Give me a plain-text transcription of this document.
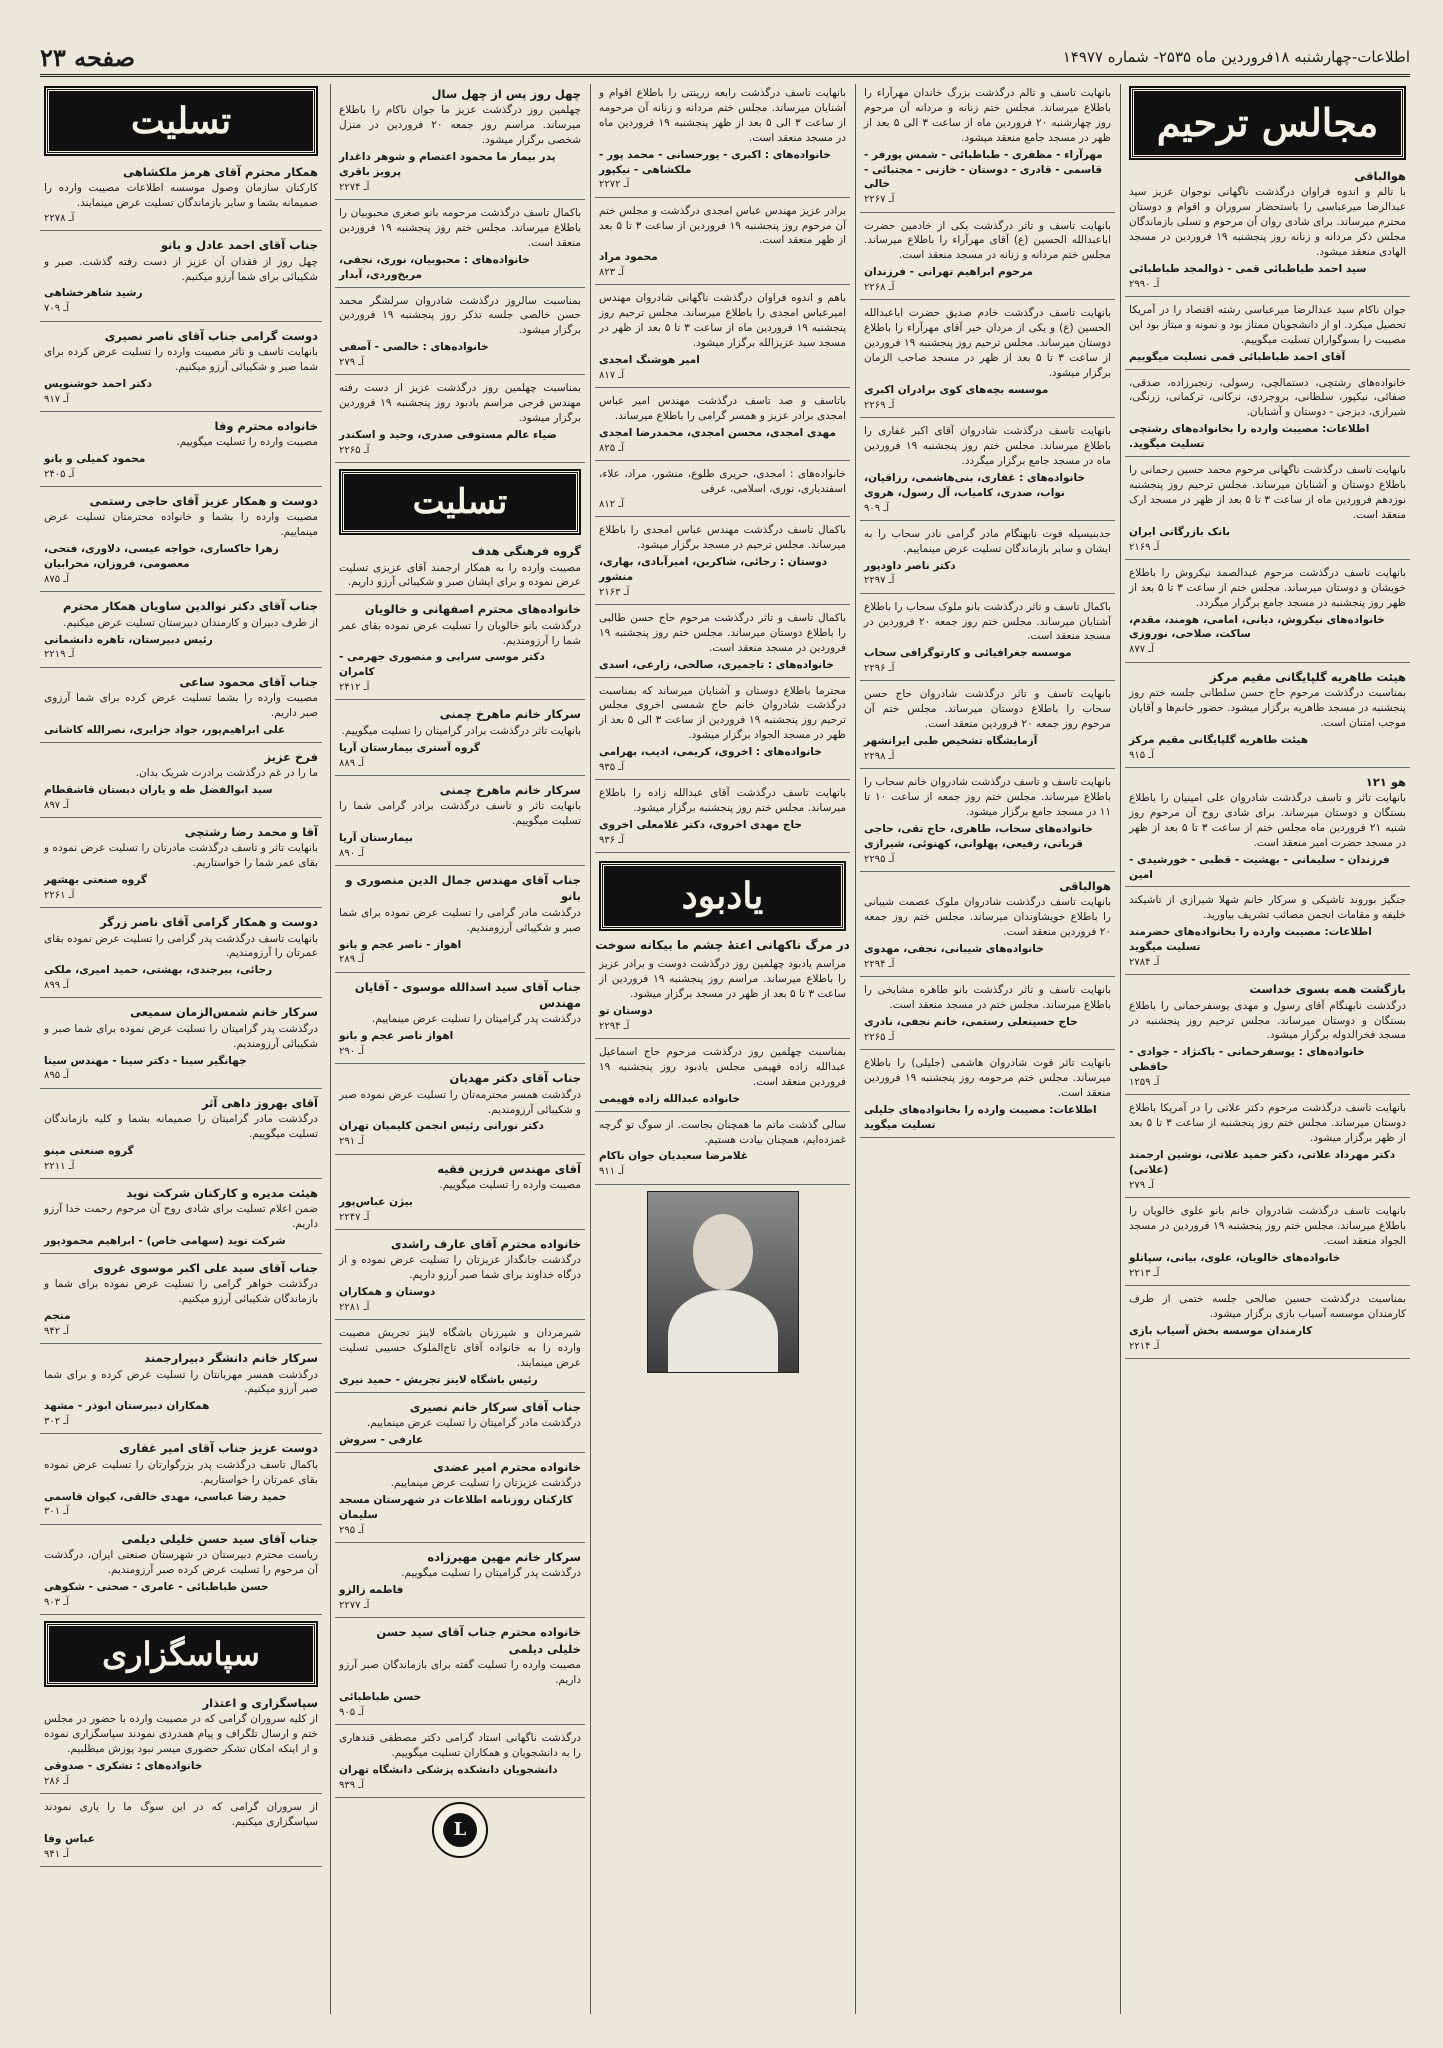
اطلاعات-چهارشنبه ۱۸فروردین ماه ۲۵۳۵- شماره ۱۴۹۷۷
صفحه ۲۳
مجالس ترحیم
هوالباقی
با تالم و اندوه فراوان درگذشت ناگهانی نوجوان عزیز سید عبدالرضا میرعباسی را باستحضار سروران و اقوام و دوستان محترم میرساند. برای شادی روان آن مرحوم و تسلی بازماندگان مجلس ذکر مردانه و زنانه روز پنجشنبه ۱۹ فروردین در مسجد الهادی منعقد میشود.
سید احمد طباطبائی قمی - ذوالمجد طباطبائی
آـ ۲۹۹۰
جوان ناکام سید عبدالرضا میرعباسی رشته اقتصاد را در آمریکا تحصیل میکرد. او از دانشجویان ممتاز بود و نمونه و مبتاز بود این مصیبت را بسوگواران تسلیت میگوییم.
آقای احمد طباطبائی قمی تسلیت میگوییم
خانواده‌های رشتچی، دستمالچی، رسولی، رنجبرزاده، صدقی، صفائی، نیکپور، سلطانی، بروجردی، نرکانی، ترکمانی، زرنگی، شیرازی، دیزجی - دوستان و آشنایان.
اطلاعات: مصیبت وارده را بخانواده‌های رشتچی تسلیت میگوید.
بانهایت تاسف درگذشت ناگهانی مرحوم محمد حسین رحمانی را باطلاع دوستان و آشنایان میرساند. مجلس ترحیم روز پنجشنبه نوزدهم فروردین ماه از ساعت ۳ تا ۵ بعد از ظهر در مسجد ارک منعقد است.
بانک بازرگانی ایران
آـ ۲۱۶۹
بانهایت تاسف درگذشت مرحوم عبدالصمد نیکروش را باطلاع خویشان و دوستان میرساند. مجلس ختم از ساعت ۳ تا ۵ بعد از ظهر روز پنجشنبه در مسجد جامع برگزار میگردد.
خانواده‌های نیکروش، دیانی، امامی، هومند، مقدم، ساکت، صلاحی، نوروزی
آـ ۸۷۷
هیئت طاهریه گلپایگانی مقیم مرکز
بمناسبت درگذشت مرحوم حاج حسن سلطانی جلسه ختم روز پنجشنبه در مسجد طاهریه برگزار میشود. حضور خانم‌ها و آقایان موجب امتنان است.
هیئت طاهریه گلپایگانی مقیم مرکز
آـ ۹۱۵
هو ۱۲۱
بانهایت تاثر و تاسف درگذشت شادروان علی امینیان را باطلاع بستگان و دوستان میرساند. برای شادی روح آن مرحوم روز شنبه ۲۱ فروردین ماه مجلس ختم از ساعت ۳ تا ۵ بعد از ظهر در مسجد حضرت امیر منعقد است.
فرزندان - سلیمانی - بهشیت - قطبی - خورشیدی - امین
جنگیز بوروند تاشیکی و سرکار خانم شهلا شیرازی از تاشیکند خلیفه و مقامات انجمن مصائب تشریف بیاورید.
اطلاعات: مصیبت وارده را بخانواده‌های حضرمند تسلیت میگوید
آـ ۲۷۸۴
بازگشت همه بسوی خداست
درگذشت نابهنگام آقای رسول و مهدی یوسفرحمانی را باطلاع بستگان و دوستان میرساند. مجلس ترحیم روز پنجشنبه در مسجد فخرالدوله برگزار میشود.
خانواده‌های : یوسفرحمانی - باکنژاد - جوادی - حافظی
آـ ۱۲۵۹
بانهایت تاسف درگذشت مرحوم دکتر علاتی را در آمریکا باطلاع دوستان میرساند. مجلس ختم روز پنجشنبه از ساعت ۳ تا ۵ بعد از ظهر برگزار میشود.
دکتر مهرداد علاتی، دکتر حمید علاتی، نوشین ارجمند (علاتی)
آـ ۲۷۹
بانهایت تاسف درگذشت شادروان خانم بانو علوی خالویان را باطلاع میرساند. مجلس ختم روز پنجشنبه ۱۹ فروردین در مسجد الجواد منعقد است.
خانواده‌های خالویان، علوی، بیانی، سپانلو
آـ ۲۲۱۳
بمناسبت درگذشت حسین صالحی جلسه ختمی از طرف کارمندان موسسه آسیاب بازی برگزار میشود.
کارمندان موسسه بخش آسیاب بازی
آـ ۲۲۱۴
بانهایت تاسف و تالم درگذشت بزرگ خاندان مهرآراء را باطلاع میرساند. مجلس ختم زنانه و مردانه آن مرحوم روز چهارشنبه ۲۰ فروردین ماه از ساعت ۳ الی ۵ بعد از ظهر در مسجد جامع منعقد میشود.
مهرآراء - مظفری - طباطبائی - شمس پورفر - قاسمی - قادری - دوستان - خازنی - مجتبائی - خالی
آـ ۲۲۶۷
بانهایت تاسف و تاثر درگذشت یکی از خادمین حضرت اباعبدالله الحسین (ع) آقای مهرآراء را باطلاع میرساند. مجلس ختم مردانه و زنانه در مسجد منعقد است.
مرحوم ابراهیم تهرانی - فرزندان
آـ ۲۲۶۸
بانهایت تاسف درگذشت خادم صدیق حضرت اباعبدالله الحسین (ع) و یکی از مردان خیر آقای مهرآراء را باطلاع دوستان میرساند. مجلس ترحیم روز پنجشنبه ۱۹ فروردین از ساعت ۳ تا ۵ بعد از ظهر در مسجد صاحب الزمان برگزار میشود.
موسسه بچه‌های کوی برادران اکبری
آـ ۲۲۶۹
بانهایت تاسف درگذشت شادروان آقای اکبر غفاری را باطلاع میرساند. مجلس ختم روز پنجشنبه ۱۹ فروردین ماه در مسجد جامع برگزار میگردد.
خانواده‌های : غفاری، بنی‌هاشمی، رزاقیان، نواب، صدری، کامیاب، آل رسول، هروی
آـ ۹۰۹
جدبنیسیله فوت نابهنگام مادر گرامی نادر سحاب را به ایشان و سایر بازماندگان تسلیت عرض مینماییم.
دکتر ناصر داودپور
آـ ۲۲۹۷
باکمال تاسف و تاثر درگذشت بانو ملوک سحاب را باطلاع آشنایان میرساند. مجلس ختم روز جمعه ۲۰ فروردین در مسجد منعقد است.
موسسه جغرافیائی و کارتوگرافی سحاب
آـ ۲۲۹۶
بانهایت تاسف و تاثر درگذشت شادروان حاج حسن سحاب را باطلاع دوستان میرساند. مجلس ختم آن مرحوم روز جمعه ۲۰ فروردین منعقد است.
آزمایشگاه تشخیص طبی ایرانشهر
آـ ۲۲۹۸
بانهایت تاسف و تاسف درگذشت شادروان خانم سحاب را باطلاع میرساند. مجلس ختم روز جمعه از ساعت ۱۰ تا ۱۱ در مسجد جامع برگزار میشود.
خانواده‌های سحاب، طاهری، حاج تقی، حاجی قربانی، رفیعی، پهلوانی، کهنوئی، شیرازی
آـ ۲۲۹۵
هوالباقی
بانهایت تاسف درگذشت شادروان ملوک عصمت شیبانی را باطلاع خویشاوندان میرساند. مجلس ختم روز جمعه ۲۰ فروردین منعقد است.
خانواده‌های شیبانی، نجفی، مهدوی
آـ ۲۲۹۴
بانهایت تاسف و تاثر درگذشت بانو طاهره مشایخی را باطلاع میرساند. مجلس ختم در مسجد منعقد است.
حاج حسینعلی رستمی، خانم نجفی، نادری
آـ ۲۲۶۵
بانهایت تاثر فوت شادروان هاشمی (جلیلی) را باطلاع میرساند. مجلس ختم مرحومه روز پنجشنبه ۱۹ فروردین منعقد است.
اطلاعات: مصیبت وارده را بخانواده‌های جلیلی تسلیت میگوید
بانهایت تاسف درگذشت رابعه زرینتی را باطلاع اقوام و آشنایان میرساند. مجلس ختم مردانه و زنانه آن مرحومه از ساعت ۳ الی ۵ بعد از ظهر پنجشنبه ۱۹ فروردین ماه در مسجد منعقد است.
خانواده‌های : اکبری - یورحسانی - محمد پور - ملکشاهی - نیکپور
آـ ۲۲۷۲
برادر عزیز مهندس عباس امجدی درگذشت و مجلس ختم آن مرحوم روز پنجشنبه ۱۹ فروردین از ساعت ۳ تا ۵ بعد از ظهر منعقد است.
محمود مراد
آـ ۸۲۳
باهم و اندوه فراوان درگذشت ناگهانی شادروان مهندس امیرعباس امجدی را باطلاع میرساند. مجلس ترحیم روز پنجشنبه ۱۹ فروردین ماه از ساعت ۳ تا ۵ بعد از ظهر در مسجد سید عزیزالله برگزار میشود.
امیر هوشنگ امجدی
آـ ۸۱۷
باتاسف و صد تاسف درگذشت مهندس امیر عباس امجدی برادر عزیز و همسر گرامی را باطلاع میرساند.
مهدی امجدی، محسن امجدی، محمدرضا امجدی
آـ ۸۲۵
خانواده‌های : امجدی، حریری طلوع، منشور، مراد، علاء، اسفندیاری، نوری، اسلامی، عرفی
آـ ۸۱۲
باکمال تاسف درگذشت مهندس عباس امجدی را باطلاع میرساند. مجلس ترحیم در مسجد برگزار میشود.
دوستان : رجائی، شاکرین، امیرآبادی، بهاری، منشور
آـ ۲۱۶۳
باکمال تاسف و تاثر درگذشت مرحوم حاج حسن طالبی را باطلاع دوستان میرساند. مجلس ختم روز پنجشنبه ۱۹ فروردین در مسجد منعقد است.
خانواده‌های : تاجمیری، صالحی، زارعی، اسدی
محترما باطلاع دوستان و آشنایان میرساند که بمناسبت درگذشت شادروان خانم حاج شمسی اخروی مجلس ترحیم روز پنجشنبه ۱۹ فروردین از ساعت ۳ الی ۵ بعد از ظهر در مسجد الجواد برگزار میشود.
خانواده‌های : اخروی، کریمی، ادیب، بهرامی
آـ ۹۳۵
بانهایت تاسف درگذشت آقای عبدالله زاده را باطلاع میرساند. مجلس ختم روز پنجشنبه برگزار میشود.
حاج مهدی اخروی، دکتر غلامعلی اخروی
آـ ۹۳۶
یادبود
در مرگ ناکهانی اعتهٔ چشم ما بیکانه سوخت
مراسم یادبود چهلمین روز درگذشت دوست و برادر عزیز را باطلاع میرساند. مراسم روز پنجشنبه ۱۹ فروردین از ساعت ۳ تا ۵ بعد از ظهر در مسجد برگزار میشود.
دوستان تو
آـ ۲۲۹۴
بمناسبت چهلمین روز درگذشت مرحوم حاج اسماعیل عبدالله زاده فهیمی مجلس یادبود روز پنجشنبه ۱۹ فروردین منعقد است.
خانواده عبدالله زاده فهیمی
سالی گذشت ماتم ما همچنان بجاست. از سوگ تو گرچه غمزده‌ایم، همچنان بیادت هستیم.
غلامرضا سعیدیان جوان ناکام
آـ ۹۱۱
چهل روز پس از چهل سال
چهلمین روز درگذشت عزیز ما جوان ناکام را باطلاع میرساند. مراسم روز جمعه ۲۰ فروردین در منزل شخصی برگزار میشود.
پدر بیمار ما محمود اعتصام و شوهر داغدار پرویز باقری
آـ ۲۲۷۴
باکمال تاسف درگذشت مرحومه بانو صغری محبوبیان را باطلاع میرساند. مجلس ختم روز پنجشنبه ۱۹ فروردین منعقد است.
خانواده‌های : محبوبیان، نوری، نجفی، مریخ‌وردی، آبدار
بمناسبت سالروز درگذشت شادروان سرلشگر محمد حسن خالصی جلسه تذکر روز پنجشنبه ۱۹ فروردین برگزار میشود.
خانواده‌های : خالصی - آصفی
آـ ۲۷۹
بمناسبت چهلمین روز درگذشت عزیز از دست رفته مهندس فرجی مراسم یادبود روز پنجشنبه ۱۹ فروردین برگزار میشود.
ضیاء عالم مستوفی صدری، وحید و اسکندر
آـ ۲۲۶۵
تسلیت
گروه فرهنگی هدف
مصیبت وارده را به همکار ارجمند آقای عزیزی تسلیت عرض نموده و برای ایشان صبر و شکیبائی آرزو داریم.
خانواده‌های محترم اصفهانی و خالویان
درگذشت بانو خالویان را تسلیت عرض نموده بقای عمر شما را آرزومندیم.
دکتر موسی سرابی و منصوری جهرمی - کامران
آـ ۲۴۱۲
سرکار خانم ماهرخ چمنی
بانهایت تاثر درگذشت برادر گرامیتان را تسلیت میگوییم.
گروه آستری بیمارستان آریا
آـ ۸۸۹
سرکار خانم ماهرخ چمنی
بانهایت تاثر و تاسف درگذشت برادر گرامی شما را تسلیت میگوییم.
بیمارستان آریا
آـ ۸۹۰
جناب آقای مهندس جمال الدین منصوری و بانو
درگذشت مادر گرامی را تسلیت عرض نموده برای شما صبر و شکیبائی آرزومندیم.
اهواز - ناصر عجم و بانو
آـ ۲۸۹
جناب آقای سید اسدالله موسوی - آقایان مهندس
درگذشت پدر گرامیتان را تسلیت عرض مینماییم.
اهواز ناصر عجم و بانو
آـ ۲۹۰
جناب آقای دکتر مهدیان
درگذشت همسر محترمه‌تان را تسلیت عرض نموده صبر و شکیبائی آرزومندیم.
دکتر نورانی رئیس انجمن کلیمیان تهران
آـ ۲۹۱
آقای مهندس فرزین فقیه
مصیبت وارده را تسلیت میگوییم.
بیژن عباس‌پور
آـ ۲۲۴۷
خانواده محترم آقای عارف راشدی
درگذشت جانگداز عزیزتان را تسلیت عرض نموده و از درگاه خداوند برای شما صبر آرزو داریم.
دوستان و همکاران
آـ ۲۲۸۱
شیرمردان و شیرزنان باشگاه لاینز تجریش مصیبت وارده را به خانواده آقای تاج‌الملوک حسیبی تسلیت عرض مینمایند.
رئیس باشگاه لاینز تجریش - حمید نیری
جناب آقای سرکار خانم نصیری
درگذشت مادر گرامیتان را تسلیت عرض مینماییم.
عارفی - سروش
خانواده محترم امیر عضدی
درگذشت عزیزتان را تسلیت عرض مینماییم.
کارکنان روزنامه اطلاعات در شهرستان مسجد سلیمان
آـ ۲۹۵
سرکار خانم مهین مهیرزاده
درگذشت پدر گرامیتان را تسلیت میگوییم.
فاطمه زالزو
آـ ۲۲۷۷
خانواده محترم جناب آقای سید حسن خلیلی دیلمی
مصیبت وارده را تسلیت گفته برای بازماندگان صبر آرزو داریم.
حسن طباطبائی
آـ ۹۰۵
درگذشت ناگهانی استاد گرامی دکتر مصطفی قندهاری را به دانشجویان و همکاران تسلیت میگوییم.
دانشجویان دانشکده پزشکی دانشگاه تهران
آـ ۹۳۹
L
تسلیت
همکار محترم آقای هرمز ملکشاهی
کارکنان سازمان وصول موسسه اطلاعات مصیبت وارده را صمیمانه بشما و سایر بازماندگان تسلیت عرض مینمایند.
آـ ۲۲۷۸
جناب آقای احمد عادل و بانو
چهل روز از فقدان آن عزیز از دست رفته گذشت. صبر و شکیبائی برای شما آرزو میکنیم.
رشید شاهرخشاهی
آـ ۷۰۹
دوست گرامی جناب آقای ناصر نصیری
بانهایت تاسف و تاثر مصیبت وارده را تسلیت عرض کرده برای شما صبر و شکیبائی آرزو میکنیم.
دکتر احمد خوشنویس
آـ ۹۱۷
خانواده محترم وفا
مصیبت وارده را تسلیت میگوییم.
محمود کمیلی و بانو
آـ ۲۴۰۵
دوست و همکار عزیز آقای حاجی رستمی
مصیبت وارده را بشما و خانواده محترمتان تسلیت عرض مینماییم.
زهرا خاکساری، خواجه عیسی، دلاوری، فتحی، معصومی، فروزان، محرابیان
آـ ۸۷۵
جناب آقای دکتر نوالدین ساویان همکار محترم
از طرف دبیران و کارمندان دبیرستان تسلیت عرض میکنیم.
رئیس دبیرستان، تاهره دانشمانی
آـ ۲۲۱۹
جناب آقای محمود ساعی
مصیبت وارده را بشما تسلیت عرض کرده برای شما آرزوی صبر داریم.
علی ابراهیم‌پور، جواد جزایری، نصرالله کاشانی
فرخ عزیز
ما را در غم درگذشت برادرت شریک بدان.
سید ابوالفضل طه و یاران دبستان قاشقطام
آـ ۸۹۷
آقا و محمد رضا رشتچی
بانهایت تاثر و تاسف درگذشت مادرتان را تسلیت عرض نموده و بقای عمر شما را خواستاریم.
گروه صنعتی بهشهر
آـ ۲۲۶۱
دوست و همکار گرامی آقای ناصر زرگر
بانهایت تاسف درگذشت پدر گرامی را تسلیت عرض نموده بقای عمرتان را آرزومندیم.
رجائی، بیرجندی، بهشتی، حمید امیری، ملکی
آـ ۸۹۹
سرکار خانم شمس‌الزمان سمیعی
درگذشت پدر گرامیتان را تسلیت عرض نموده برای شما صبر و شکیبائی آرزومندیم.
جهانگیر سینا - دکتر سینا - مهندس سینا
آـ ۸۹۵
آقای بهروز داهی آثر
درگذشت مادر گرامیتان را صمیمانه بشما و کلیه بازماندگان تسلیت میگوییم.
گروه صنعتی مینو
آـ ۲۲۱۱
هیئت مدیره و کارکنان شرکت نوید
ضمن اعلام تسلیت برای شادی روح آن مرحوم رحمت خدا آرزو داریم.
شرکت نوید (سهامی خاص) - ابراهیم محمودپور
جناب آقای سید علی اکبر موسوی غروی
درگذشت خواهر گرامی را تسلیت عرض نموده برای شما و بازماندگان شکیبائی آرزو میکنیم.
منجم
آـ ۹۴۲
سرکار خانم دانشگر دبیرارجمند
درگذشت همسر مهربانتان را تسلیت عرض کرده و برای شما صبر آرزو میکنیم.
همکاران دبیرستان ابوذر - مشهد
آـ ۳۰۲
دوست عزیز جناب آقای امیر غفاری
باکمال تاسف درگذشت پدر بزرگوارتان را تسلیت عرض نموده بقای عمرتان را خواستاریم.
حمید رضا عباسی، مهدی خالقی، کیوان قاسمی
آـ ۳۰۱
جناب آقای سید حسن خلیلی دیلمی
ریاست محترم دبیرستان در شهرستان صنعتی ایران، درگذشت آن مرحوم را تسلیت عرض کرده صبر آرزومندیم.
حسن طباطبائی - عامری - صحتی - شکوهی
آـ ۹۰۳
سپاسگزاری
سپاسگزاری و اعتذار
از کلیه سروران گرامی که در مصیبت وارده با حضور در مجلس ختم و ارسال تلگراف و پیام همدردی نمودند سپاسگزاری نموده و از اینکه امکان تشکر حضوری میسر نبود پوزش میطلبیم.
خانواده‌های : تشکری - صدوقی
آـ ۲۸۶
از سروران گرامی که در این سوگ ما را یاری نمودند سپاسگزاری میکنیم.
عباس وفا
آـ ۹۴۱
